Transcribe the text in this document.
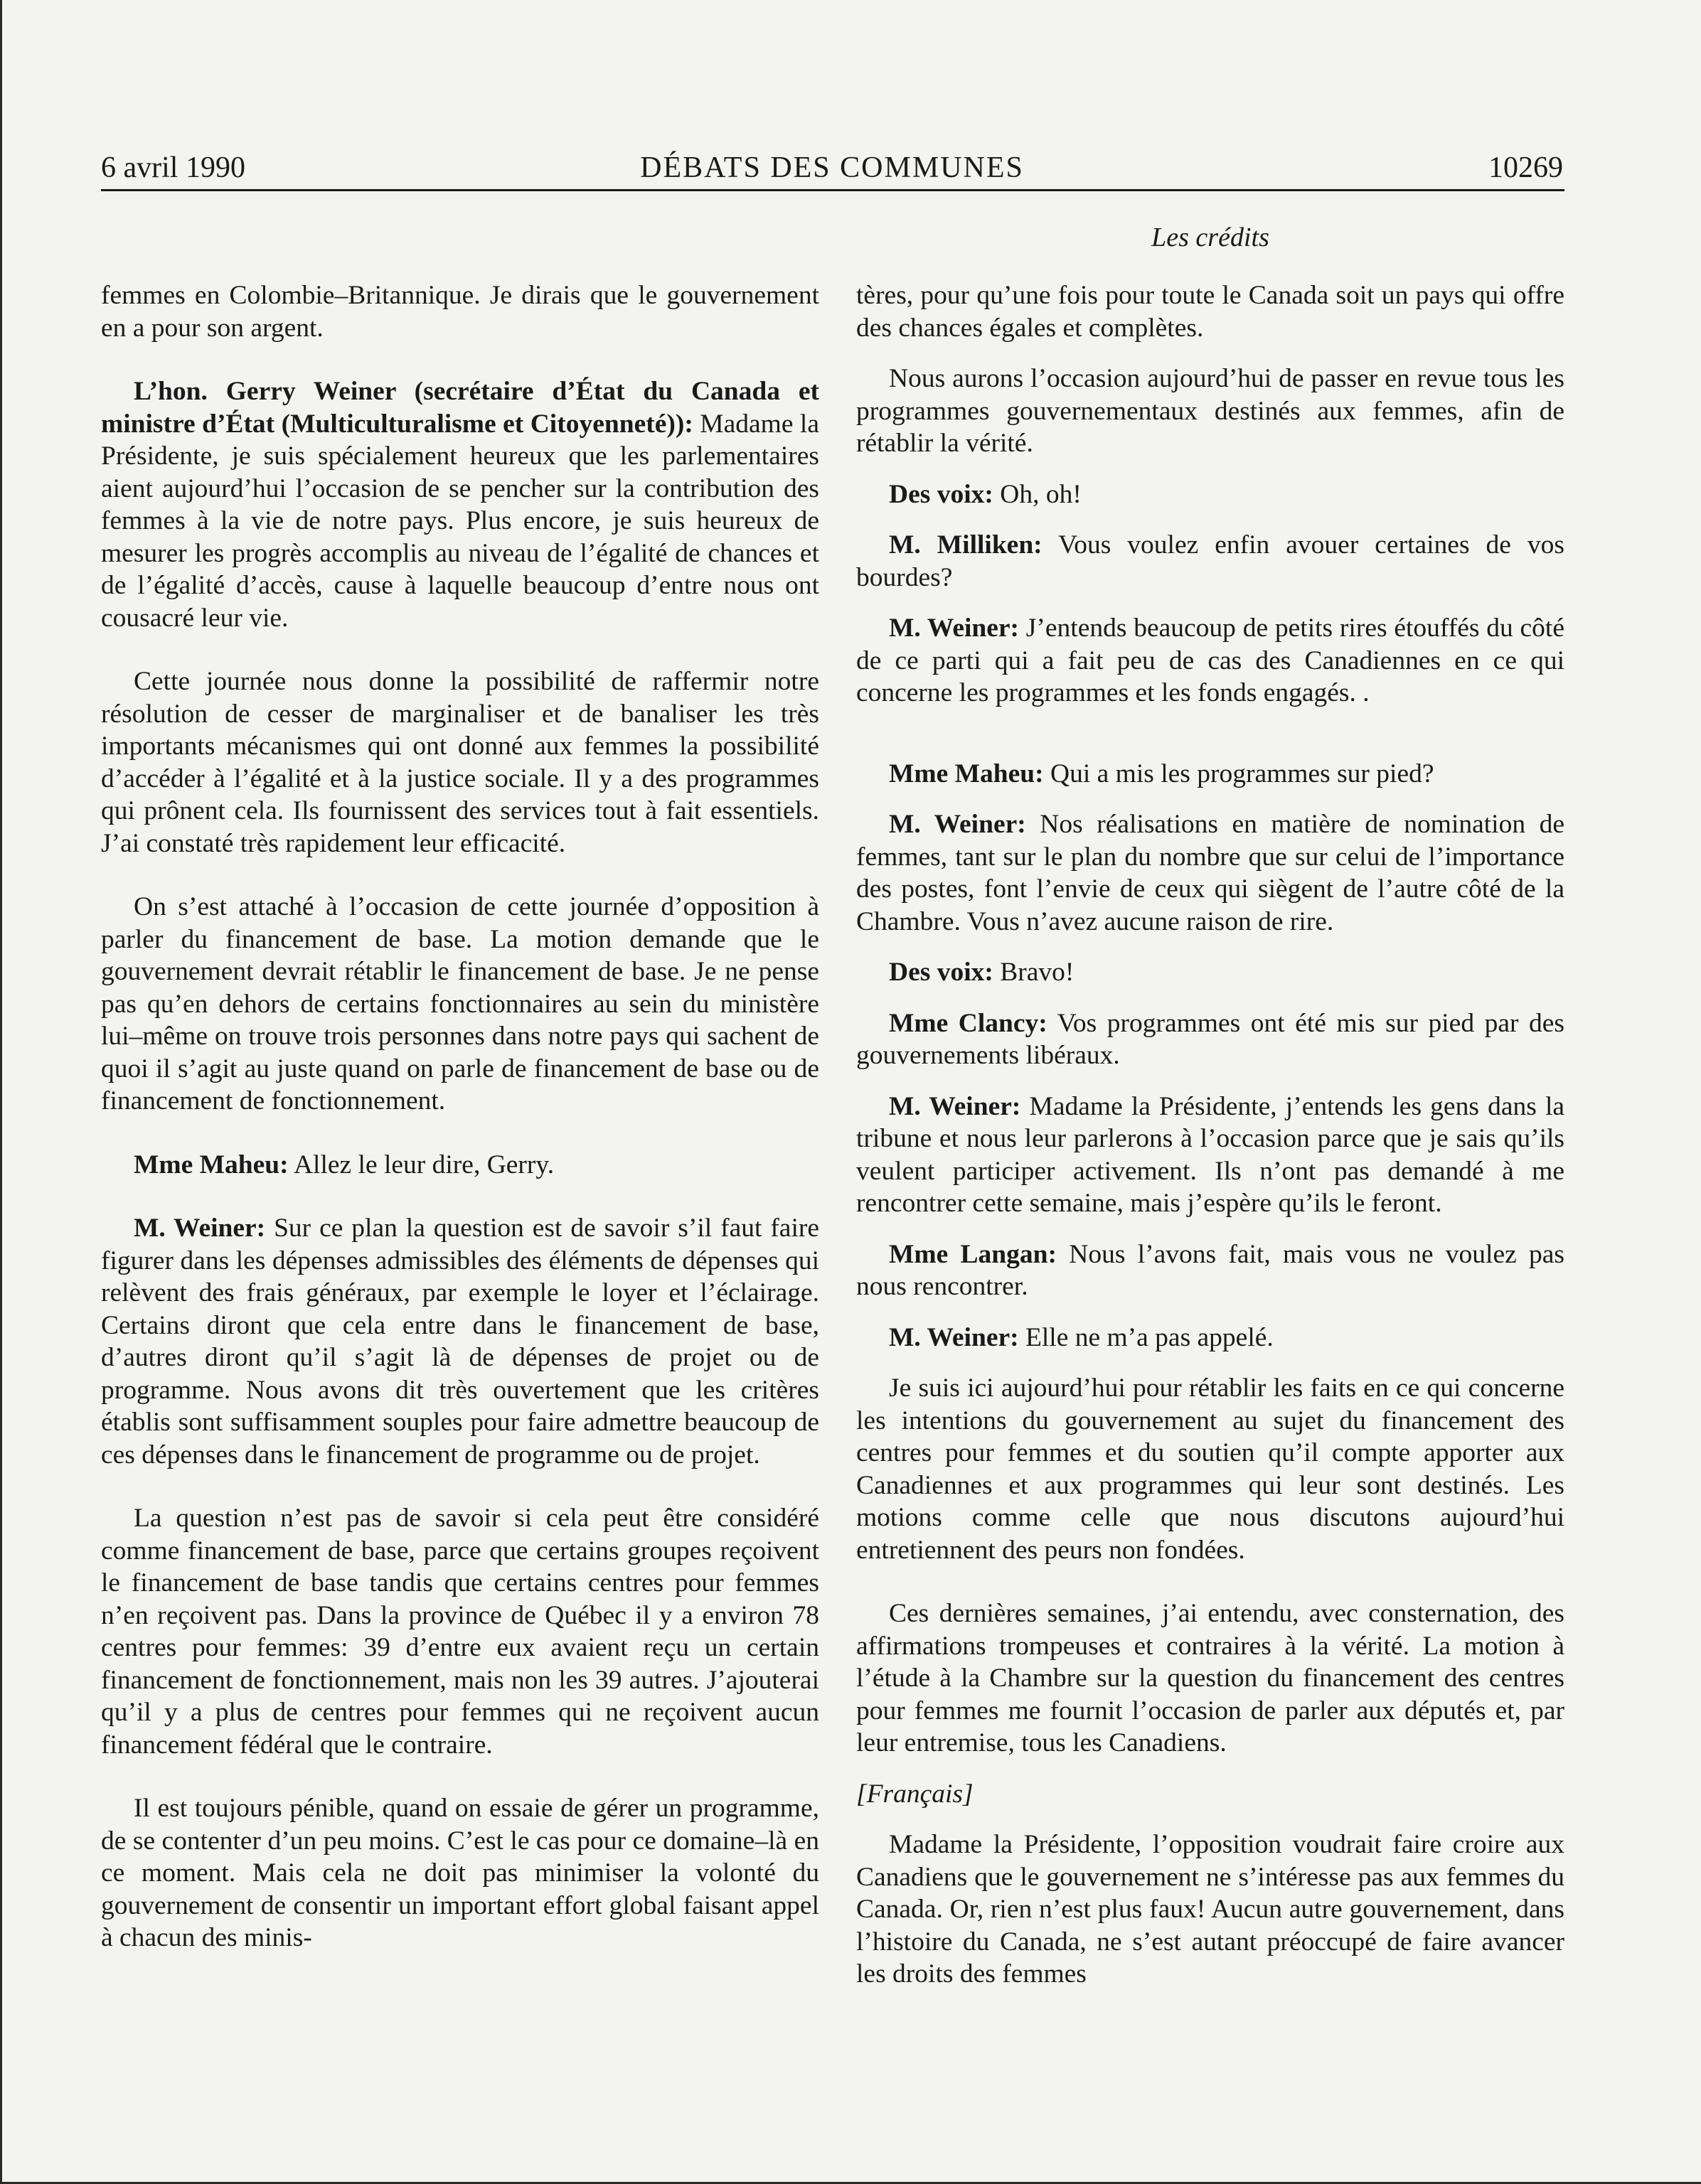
6 avril 1990	DÉBATS DES COMMUNES	10269
Les crédits

femmes en Colombie–Britannique. Je dirais que le gouvernement en a pour son argent.

L’hon. Gerry Weiner (secrétaire d’État du Canada et ministre d’État (Multiculturalisme et Citoyenneté)): Madame la Présidente, je suis spécialement heureux que les parlementaires aient aujourd’hui l’occasion de se pencher sur la contribution des femmes à la vie de notre pays. Plus encore, je suis heureux de mesurer les progrès accomplis au niveau de l’égalité de chances et de l’égalité d’accès, cause à laquelle beaucoup d’entre nous ont cousacré leur vie.

Cette journée nous donne la possibilité de raffermir notre résolution de cesser de marginaliser et de banaliser les très importants mécanismes qui ont donné aux femmes la possibilité d’accéder à l’égalité et à la justice sociale. Il y a des programmes qui prônent cela. Ils fournissent des services tout à fait essentiels. J’ai constaté très rapidement leur efficacité.

On s’est attaché à l’occasion de cette journée d’opposition à parler du financement de base. La motion demande que le gouvernement devrait rétablir le financement de base. Je ne pense pas qu’en dehors de certains fonctionnaires au sein du ministère lui–même on trouve trois personnes dans notre pays qui sachent de quoi il s’agit au juste quand on parle de financement de base ou de financement de fonctionnement.

Mme Maheu: Allez le leur dire, Gerry.

M. Weiner: Sur ce plan la question est de savoir s’il faut faire figurer dans les dépenses admissibles des éléments de dépenses qui relèvent des frais généraux, par exemple le loyer et l’éclairage. Certains diront que cela entre dans le financement de base, d’autres diront qu’il s’agit là de dépenses de projet ou de programme. Nous avons dit très ouvertement que les critères établis sont suffisamment souples pour faire admettre beaucoup de ces dépenses dans le financement de programme ou de projet.

La question n’est pas de savoir si cela peut être considéré comme financement de base, parce que certains groupes reçoivent le financement de base tandis que certains centres pour femmes n’en reçoivent pas. Dans la province de Québec il y a environ 78 centres pour femmes: 39 d’entre eux avaient reçu un certain financement de fonctionnement, mais non les 39 autres. J’ajouterai qu’il y a plus de centres pour femmes qui ne reçoivent aucun financement fédéral que le contraire.

Il est toujours pénible, quand on essaie de gérer un programme, de se contenter d’un peu moins. C’est le cas pour ce domaine–là en ce moment. Mais cela ne doit pas minimiser la volonté du gouvernement de consentir un important effort global faisant appel à chacun des minis-

tères, pour qu’une fois pour toute le Canada soit un pays qui offre des chances égales et complètes.

Nous aurons l’occasion aujourd’hui de passer en revue tous les programmes gouvernementaux destinés aux femmes, afin de rétablir la vérité.

Des voix: Oh, oh!

M. Milliken: Vous voulez enfin avouer certaines de vos bourdes?

M. Weiner: J’entends beaucoup de petits rires étouffés du côté de ce parti qui a fait peu de cas des Canadiennes en ce qui concerne les programmes et les fonds engagés. .

Mme Maheu: Qui a mis les programmes sur pied?

M. Weiner: Nos réalisations en matière de nomination de femmes, tant sur le plan du nombre que sur celui de l’importance des postes, font l’envie de ceux qui siègent de l’autre côté de la Chambre. Vous n’avez aucune raison de rire.

Des voix: Bravo!

Mme Clancy: Vos programmes ont été mis sur pied par des gouvernements libéraux.

M. Weiner: Madame la Présidente, j’entends les gens dans la tribune et nous leur parlerons à l’occasion parce que je sais qu’ils veulent participer activement. Ils n’ont pas demandé à me rencontrer cette semaine, mais j’espère qu’ils le feront.

Mme Langan: Nous l’avons fait, mais vous ne voulez pas nous rencontrer.

M. Weiner: Elle ne m’a pas appelé.

Je suis ici aujourd’hui pour rétablir les faits en ce qui concerne les intentions du gouvernement au sujet du financement des centres pour femmes et du soutien qu’il compte apporter aux Canadiennes et aux programmes qui leur sont destinés. Les motions comme celle que nous discutons aujourd’hui entretiennent des peurs non fondées.

Ces dernières semaines, j’ai entendu, avec consternation, des affirmations trompeuses et contraires à la vérité. La motion à l’étude à la Chambre sur la question du financement des centres pour femmes me fournit l’occasion de parler aux députés et, par leur entremise, tous les Canadiens.

[Français]

Madame la Présidente, l’opposition voudrait faire croire aux Canadiens que le gouvernement ne s’intéresse pas aux femmes du Canada. Or, rien n’est plus faux! Aucun autre gouvernement, dans l’histoire du Canada, ne s’est autant préoccupé de faire avancer les droits des femmes
